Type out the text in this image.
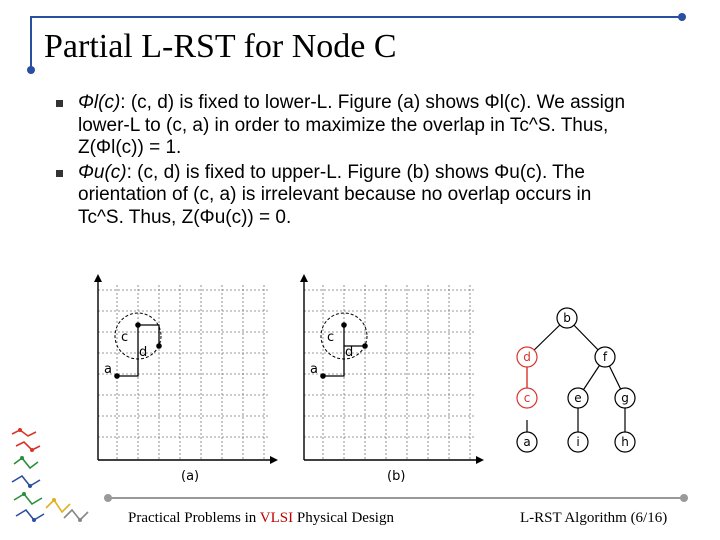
Partial L-RST for Node C
Φl(c): (c, d) is fixed to lower-L. Figure (a) shows Φl(c). We assign lower-L to (c, a) in order to maximize the overlap in Tc^S. Thus, Z(Φl(c)) = 1.
Φu(c): (c, d) is fixed to upper-L. Figure (b) shows Φu(c). The orientation of (c, a) is irrelevant because no overlap occurs in Tc^S. Thus, Z(Φu(c)) = 0.
c
d
a
(a)
c
d
a
(b)
b
d	f
c	e	g
a	i	h
Practical Problems in VLSI Physical Design	L-RST Algorithm (6/16)
